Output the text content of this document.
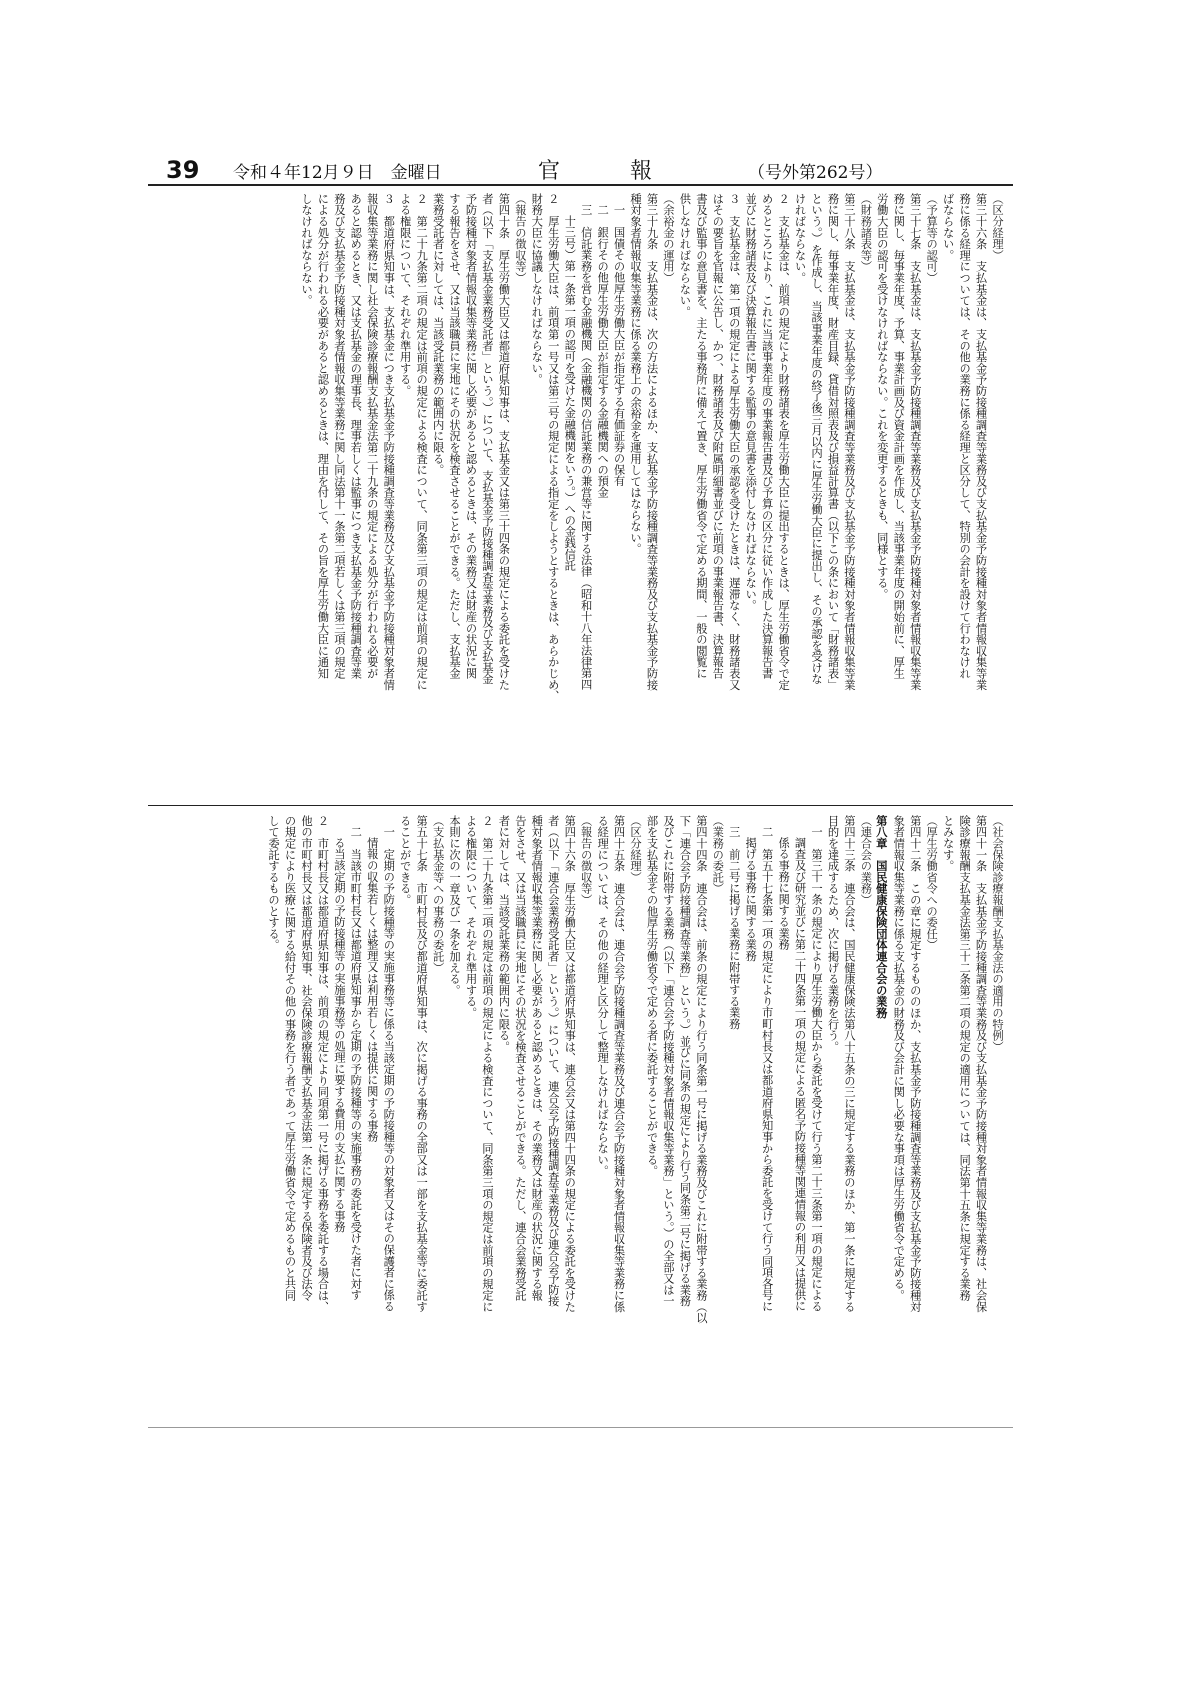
39 令和４年12月９日　金曜日	官　報	（号外第262号）
（区分経理）
第三十六条　支払基金は、支払基金予防接種調査等業務及び支払基金予防接種対象者情報収集等業
務に係る経理については、その他の業務に係る経理と区分して、特別の会計を設けて行わなけれ
ばならない。
（予算等の認可）
第三十七条　支払基金は、支払基金予防接種調査等業務及び支払基金予防接種対象者情報収集等業
務に関し、毎事業年度、予算、事業計画及び資金計画を作成し、当該事業年度の開始前に、厚生
労働大臣の認可を受けなければならない。これを変更するときも、同様とする。
（財務諸表等）
第三十八条　支払基金は、支払基金予防接種調査等業務及び支払基金予防接種対象者情報収集等業
務に関し、毎事業年度、財産目録、貸借対照表及び損益計算書（以下この条において「財務諸表」
という。）を作成し、当該事業年度の終了後三月以内に厚生労働大臣に提出し、その承認を受けな
ければならない。
２　支払基金は、前項の規定により財務諸表を厚生労働大臣に提出するときは、厚生労働省令で定
めるところにより、これに当該事業年度の事業報告書及び予算の区分に従い作成した決算報告書
並びに財務諸表及び決算報告書に関する監事の意見書を添付しなければならない。
３　支払基金は、第一項の規定による厚生労働大臣の承認を受けたときは、遅滞なく、財務諸表又
はその要旨を官報に公告し、かつ、財務諸表及び附属明細書並びに前項の事業報告書、決算報告
書及び監事の意見書を、主たる事務所に備えて置き、厚生労働省令で定める期間、一般の閲覧に
供しなければならない。
（余裕金の運用）
第三十九条　支払基金は、次の方法によるほか、支払基金予防接種調査等業務及び支払基金予防接
種対象者情報収集等業務に係る業務上の余裕金を運用してはならない。
一　国債その他厚生労働大臣が指定する有価証券の保有
二　銀行その他厚生労働大臣が指定する金融機関への預金
三　信託業務を営む金融機関（金融機関の信託業務の兼営等に関する法律（昭和十八年法律第四
十三号）第一条第一項の認可を受けた金融機関をいう。）への金銭信託
２　厚生労働大臣は、前項第一号又は第三号の規定による指定をしようとするときは、あらかじめ、
財務大臣に協議しなければならない。
（報告の徴収等）
第四十条　厚生労働大臣又は都道府県知事は、支払基金又は第三十四条の規定による委託を受けた
者（以下「支払基金業務受託者」という。）について、支払基金予防接種調査等業務及び支払基金
予防接種対象者情報収集等業務に関し必要があると認めるときは、その業務又は財産の状況に関
する報告をさせ、又は当該職員に実地にその状況を検査させることができる。ただし、支払基金
業務受託者に対しては、当該受託業務の範囲内に限る。
２　第二十九条第二項の規定は前項の規定による検査について、同条第三項の規定は前項の規定に
よる権限について、それぞれ準用する。
３　都道府県知事は、支払基金につき支払基金予防接種調査等業務及び支払基金予防接種対象者情
報収集等業務に関し社会保険診療報酬支払基金法第二十九条の規定による処分が行われる必要が
あると認めるとき、又は支払基金の理事長、理事若しくは監事につき支払基金予防接種調査等業
務及び支払基金予防接種対象者情報収集等業務に関し同法第十一条第二項若しくは第三項の規定
による処分が行われる必要があると認めるときは、理由を付して、その旨を厚生労働大臣に通知
しなければならない。
（社会保険診療報酬支払基金法の適用の特例）
第四十一条　支払基金予防接種調査等業務及び支払基金予防接種対象者情報収集等業務は、社会保
険診療報酬支払基金法第三十二条第二項の規定の適用については、同法第十五条に規定する業務
とみなす。
（厚生労働省令への委任）
第四十二条　この章に規定するもののほか、支払基金予防接種調査等業務及び支払基金予防接種対
象者情報収集等業務に係る支払基金の財務及び会計に関し必要な事項は厚生労働省令で定める。
第八章　国民健康保険団体連合会の業務
（連合会の業務）
第四十三条　連合会は、国民健康保険法第八十五条の三に規定する業務のほか、第一条に規定する
目的を達成するため、次に掲げる業務を行う。
一　第三十一条の規定により厚生労働大臣から委託を受けて行う第二十三条第一項の規定による
調査及び研究並びに第二十四条第一項の規定による匿名予防接種等関連情報の利用又は提供に
係る事務に関する業務
二　第五十七条第一項の規定により市町村長又は都道府県知事から委託を受けて行う同項各号に
掲げる事務に関する業務
三　前二号に掲げる業務に附帯する業務
（業務の委託）
第四十四条　連合会は、前条の規定により行う同条第一号に掲げる業務及びこれに附帯する業務（以
下「連合会予防接種調査等業務」という。）並びに同条の規定により行う同条第二号に掲げる業務
及びこれに附帯する業務（以下「連合会予防接種対象者情報収集等業務」という。）の全部又は一
部を支払基金その他厚生労働省令で定める者に委託することができる。
（区分経理）
第四十五条　連合会は、連合会予防接種調査等業務及び連合会予防接種対象者情報収集等業務に係
る経理については、その他の経理と区分して整理しなければならない。
（報告の徴収等）
第四十六条　厚生労働大臣又は都道府県知事は、連合会又は第四十四条の規定による委託を受けた
者（以下「連合会業務受託者」という。）について、連合会予防接種調査等業務及び連合会予防接
種対象者情報収集等業務に関し必要があると認めるときは、その業務又は財産の状況に関する報
告をさせ、又は当該職員に実地にその状況を検査させることができる。ただし、連合会業務受託
者に対しては、当該受託業務の範囲内に限る。
２　第二十九条第二項の規定は前項の規定による検査について、同条第三項の規定は前項の規定に
よる権限について、それぞれ準用する。
本則に次の一章及び一条を加える。
（支払基金等への事務の委託）
第五十七条　市町村長及び都道府県知事は、次に掲げる事務の全部又は一部を支払基金等に委託す
ることができる。
一　定期の予防接種等の実施事務等に係る当該定期の予防接種等の対象者又はその保護者に係る
情報の収集若しくは整理又は利用若しくは提供に関する事務
二　当該市町村長又は都道府県知事から定期の予防接種等の実施事務の委託を受けた者に対す
る当該定期の予防接種等の実施事務等の処理に要する費用の支払に関する事務
２　市町村長又は都道府県知事は、前項の規定により同項第一号に掲げる事務を委託する場合は、
他の市町村長又は都道府県知事、社会保険診療報酬支払基金法第一条に規定する保険者及び法令
の規定により医療に関する給付その他の事務を行う者であって厚生労働省令で定めるものと共同
して委託するものとする。
